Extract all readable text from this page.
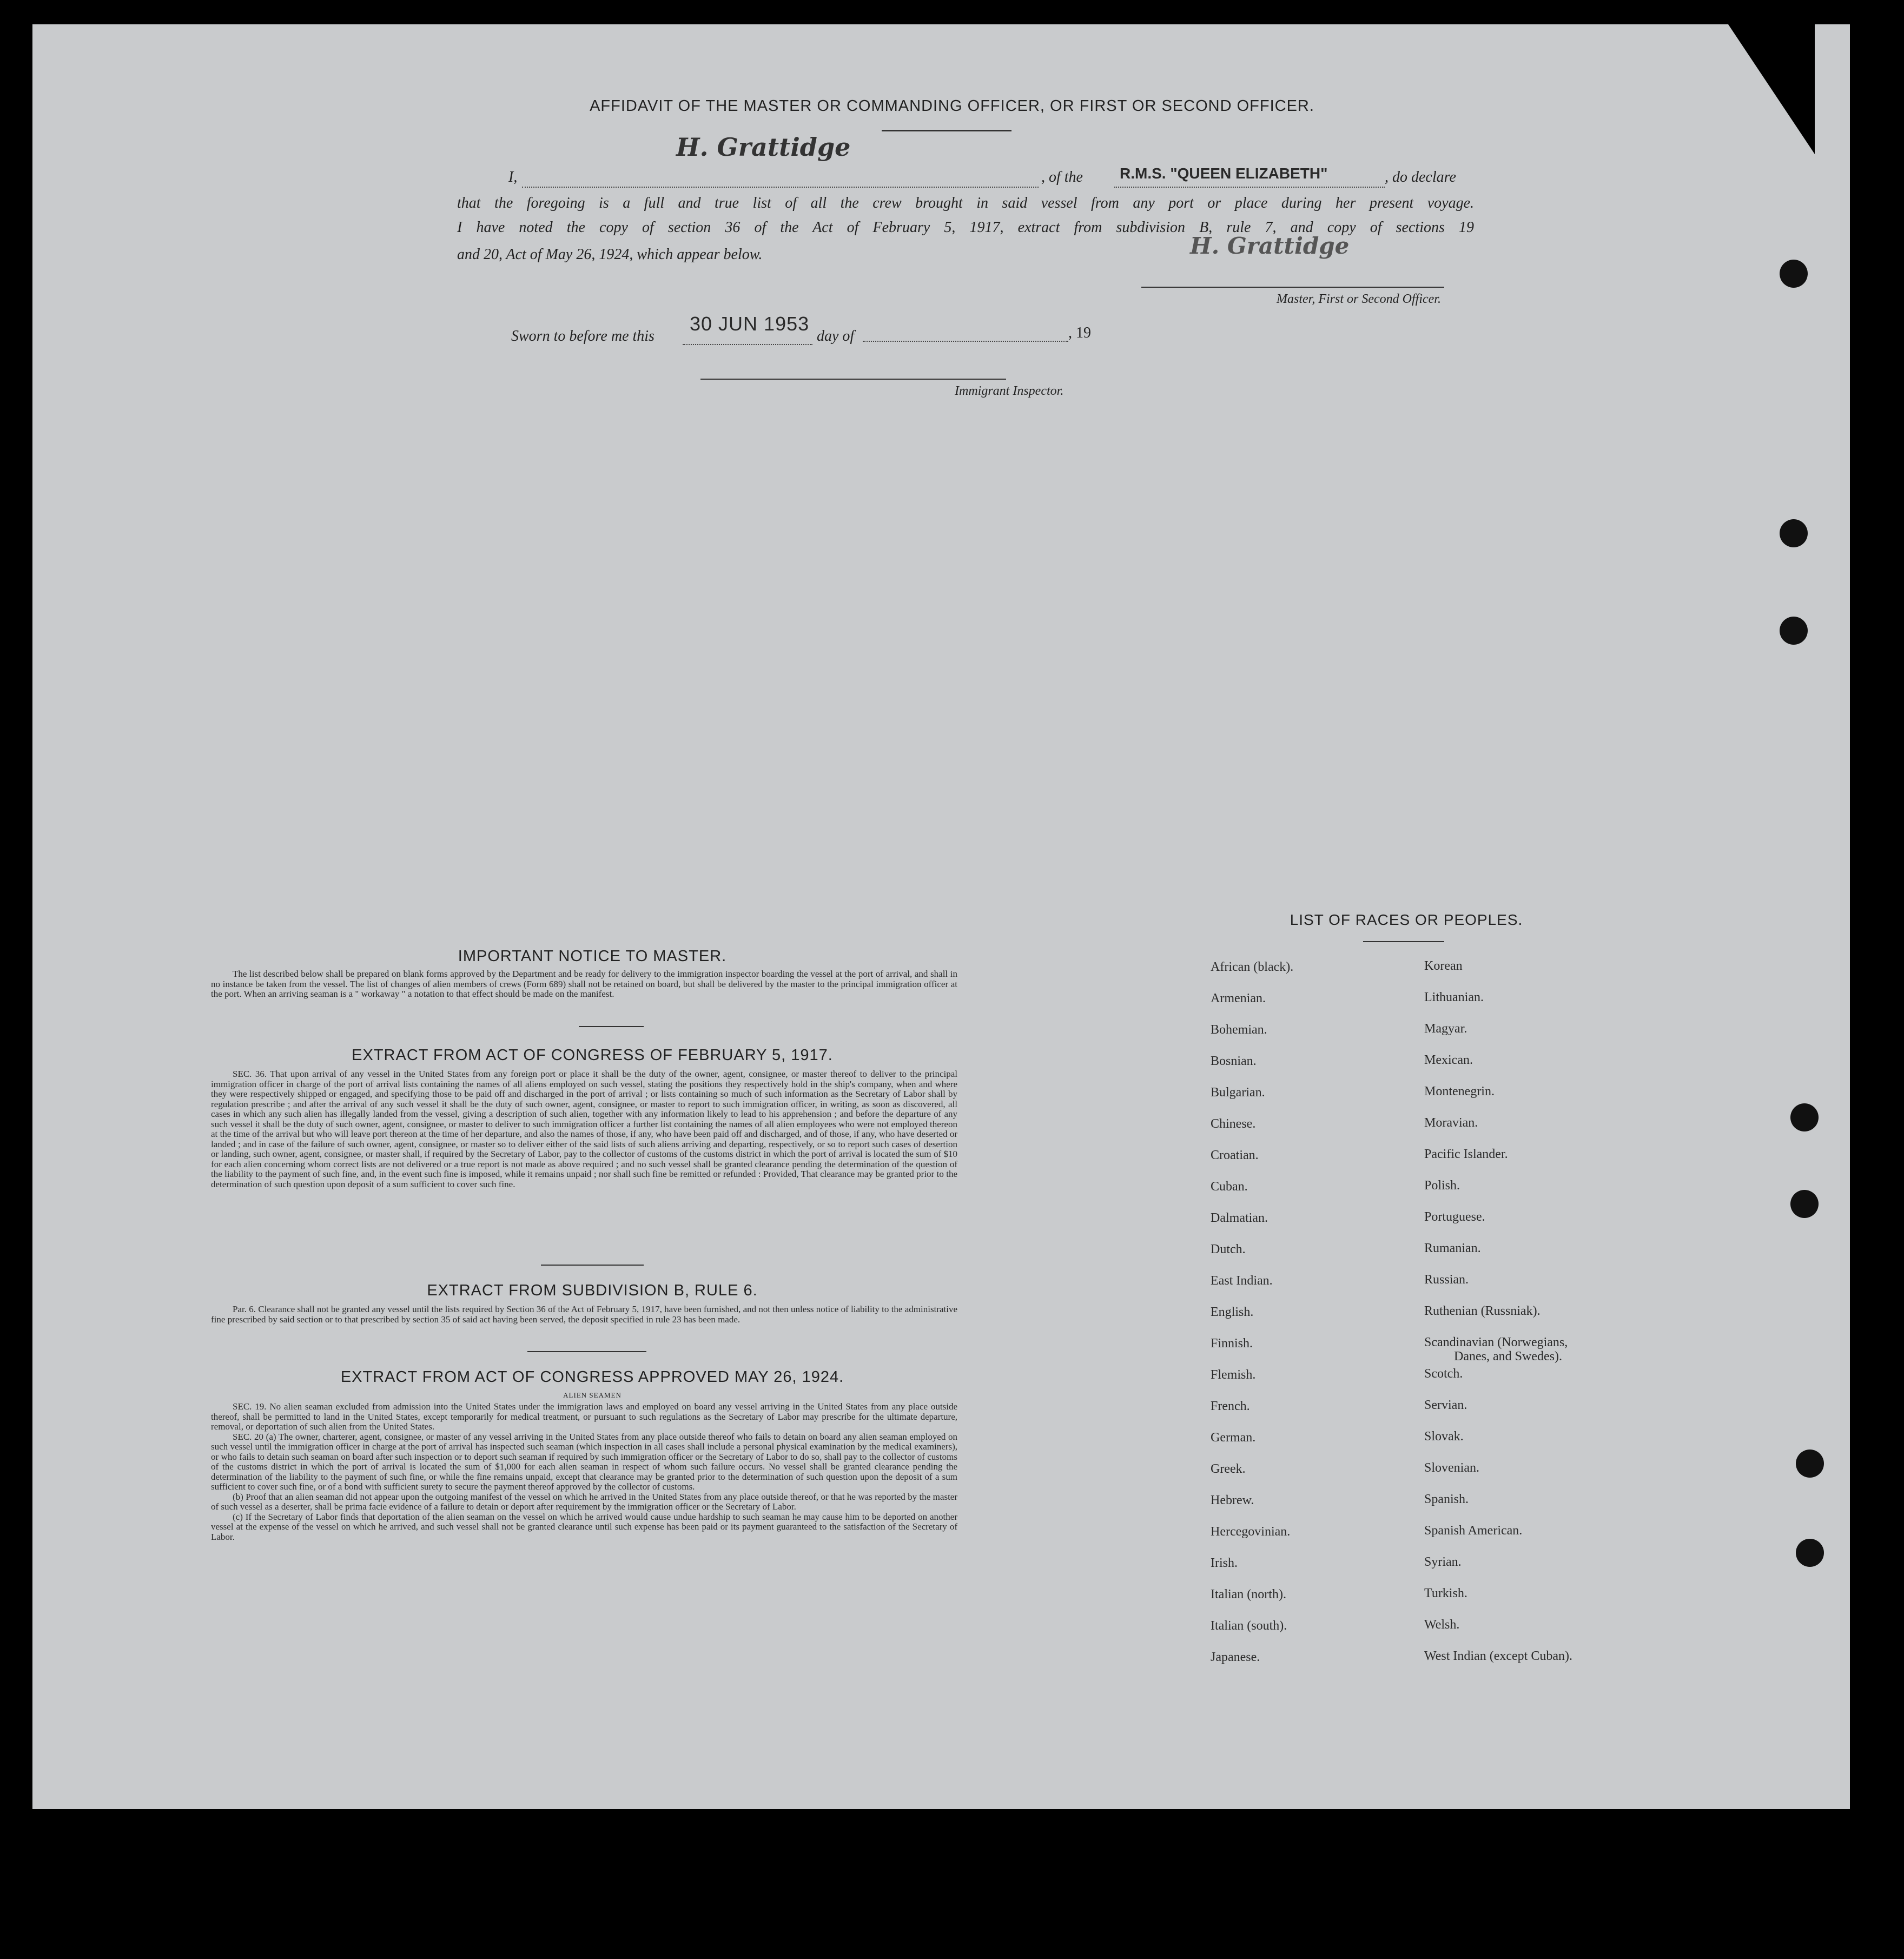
AFFIDAVIT OF THE MASTER OR COMMANDING OFFICER, OR FIRST OR SECOND OFFICER.
I,
H. Grattidge
, of the R.M.S. "QUEEN ELIZABETH"	, do declare
that the foregoing is a full and true list of all the crew brought in said vessel from any port or place during her present voyage.
I have noted the copy of section 36 of the Act of February 5, 1917, extract from subdivision B, rule 7, and copy of sections 19
and 20, Act of May 26, 1924, which appear below.	H. Grattidge
Master, First or Second Officer.
Sworn to before me this
30 JUN 1953
day of	, 19
Immigrant Inspector.
IMPORTANT NOTICE TO MASTER.

The list described below shall be prepared on blank forms approved by the Department and be ready for delivery to the immigration inspector boarding the vessel at the port of arrival, and shall in no instance be taken from the vessel. The list of changes of alien members of crews (Form 689) shall not be retained on board, but shall be delivered by the master to the principal immigration officer at the port. When an arriving seaman is a " workaway " a notation to that effect should be made on the manifest.

EXTRACT FROM ACT OF CONGRESS OF FEBRUARY 5, 1917.

SEC. 36. That upon arrival of any vessel in the United States from any foreign port or place it shall be the duty of the owner, agent, consignee, or master thereof to deliver to the principal immigration officer in charge of the port of arrival lists containing the names of all aliens employed on such vessel, stating the positions they respectively hold in the ship's company, when and where they were respectively shipped or engaged, and specifying those to be paid off and discharged in the port of arrival ; or lists containing so much of such information as the Secretary of Labor shall by regulation prescribe ; and after the arrival of any such vessel it shall be the duty of such owner, agent, consignee, or master to report to such immigration officer, in writing, as soon as discovered, all cases in which any such alien has illegally landed from the vessel, giving a description of such alien, together with any information likely to lead to his apprehension ; and before the departure of any such vessel it shall be the duty of such owner, agent, consignee, or master to deliver to such immigration officer a further list containing the names of all alien employees who were not employed thereon at the time of the arrival but who will leave port thereon at the time of her departure, and also the names of those, if any, who have been paid off and discharged, and of those, if any, who have deserted or landed ; and in case of the failure of such owner, agent, consignee, or master so to deliver either of the said lists of such aliens arriving and departing, respectively, or so to report such cases of desertion or landing, such owner, agent, consignee, or master shall, if required by the Secretary of Labor, pay to the collector of customs of the customs district in which the port of arrival is located the sum of $10 for each alien concerning whom correct lists are not delivered or a true report is not made as above required ; and no such vessel shall be granted clearance pending the determination of the question of the liability to the payment of such fine, and, in the event such fine is imposed, while it remains unpaid ; nor shall such fine be remitted or refunded : Provided, That clearance may be granted prior to the determination of such question upon deposit of a sum sufficient to cover such fine.

EXTRACT FROM SUBDIVISION B, RULE 6.

Par. 6. Clearance shall not be granted any vessel until the lists required by Section 36 of the Act of February 5, 1917, have been furnished, and not then unless notice of liability to the administrative fine prescribed by said section or to that prescribed by section 35 of said act having been served, the deposit specified in rule 23 has been made.

EXTRACT FROM ACT OF CONGRESS APPROVED MAY 26, 1924.
ALIEN SEAMEN

SEC. 19. No alien seaman excluded from admission into the United States under the immigration laws and employed on board any vessel arriving in the United States from any place outside thereof, shall be permitted to land in the United States, except temporarily for medical treatment, or pursuant to such regulations as the Secretary of Labor may prescribe for the ultimate departure, removal, or deportation of such alien from the United States.

SEC. 20 (a) The owner, charterer, agent, consignee, or master of any vessel arriving in the United States from any place outside thereof who fails to detain on board any alien seaman employed on such vessel until the immigration officer in charge at the port of arrival has inspected such seaman (which inspection in all cases shall include a personal physical examination by the medical examiners), or who fails to detain such seaman on board after such inspection or to deport such seaman if required by such immigration officer or the Secretary of Labor to do so, shall pay to the collector of customs of the customs district in which the port of arrival is located the sum of $1,000 for each alien seaman in respect of whom such failure occurs. No vessel shall be granted clearance pending the determination of the liability to the payment of such fine, or while the fine remains unpaid, except that clearance may be granted prior to the determination of such question upon the deposit of a sum sufficient to cover such fine, or of a bond with sufficient surety to secure the payment thereof approved by the collector of customs.

(b) Proof that an alien seaman did not appear upon the outgoing manifest of the vessel on which he arrived in the United States from any place outside thereof, or that he was reported by the master of such vessel as a deserter, shall be prima facie evidence of a failure to detain or deport after requirement by the immigration officer or the Secretary of Labor.

(c) If the Secretary of Labor finds that deportation of the alien seaman on the vessel on which he arrived would cause undue hardship to such seaman he may cause him to be deported on another vessel at the expense of the vessel on which he arrived, and such vessel shall not be granted clearance until such expense has been paid or its payment guaranteed to the satisfaction of the Secretary of Labor.

LIST OF RACES OR PEOPLES.
African (black).
Armenian.
Bohemian.
Bosnian.
Bulgarian.
Chinese.
Croatian.
Cuban.
Dalmatian.
Dutch.
East Indian.
English.
Finnish.
Flemish.
French.
German.
Greek.
Hebrew.
Hercegovinian.
Irish.
Italian (north).
Italian (south).
Japanese.
Korean
Lithuanian.
Magyar.
Mexican.
Montenegrin.
Moravian.
Pacific Islander.
Polish.
Portuguese.
Rumanian.
Russian.
Ruthenian (Russniak).
Scandinavian (Norwegians,
Danes, and Swedes).
Scotch.
Servian.
Slovak.
Slovenian.
Spanish.
Spanish American.
Syrian.
Turkish.
Welsh.
West Indian (except Cuban).
